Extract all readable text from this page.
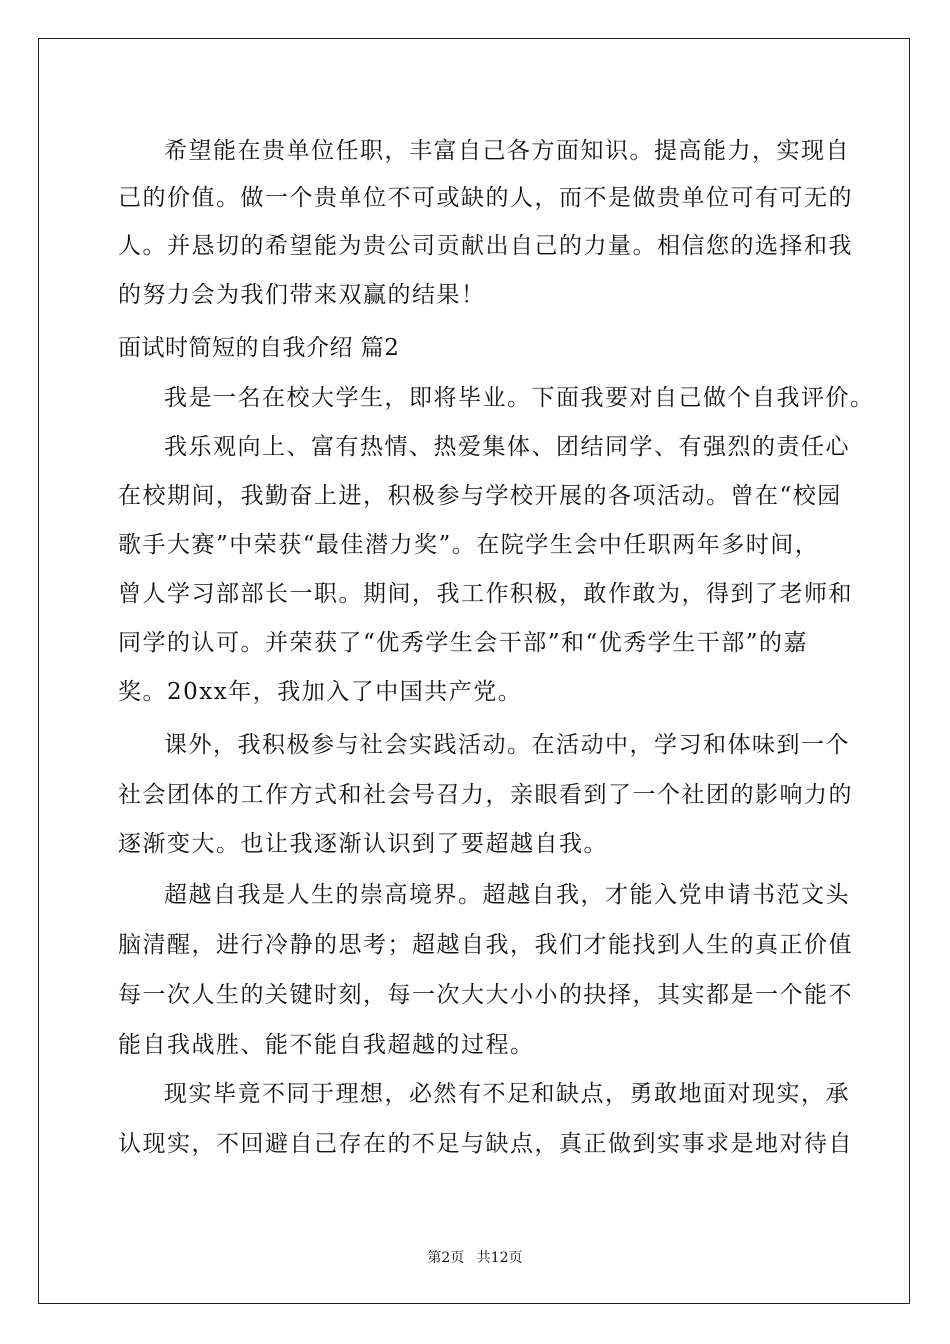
希望能在贵单位任职，丰富自己各方面知识。提高能力，实现自
己的价值。做一个贵单位不可或缺的人，而不是做贵单位可有可无的
人。并恳切的希望能为贵公司贡献出自己的力量。相信您的选择和我
的努力会为我们带来双赢的结果！
面试时简短的自我介绍 篇2
我是一名在校大学生，即将毕业。下面我要对自己做个自我评价。
我乐观向上、富有热情、热爱集体、团结同学、有强烈的责任心
在校期间，我勤奋上进，积极参与学校开展的各项活动。曾在“校园
歌手大赛”中荣获“最佳潜力奖”。在院学生会中任职两年多时间，
曾人学习部部长一职。期间，我工作积极，敢作敢为，得到了老师和
同学的认可。并荣获了“优秀学生会干部”和“优秀学生干部”的嘉
奖。20xx年，我加入了中国共产党。
课外，我积极参与社会实践活动。在活动中，学习和体味到一个
社会团体的工作方式和社会号召力，亲眼看到了一个社团的影响力的
逐渐变大。也让我逐渐认识到了要超越自我。
超越自我是人生的崇高境界。超越自我，才能入党申请书范文头
脑清醒，进行冷静的思考；超越自我，我们才能找到人生的真正价值
每一次人生的关键时刻，每一次大大小小的抉择，其实都是一个能不
能自我战胜、能不能自我超越的过程。
现实毕竟不同于理想，必然有不足和缺点，勇敢地面对现实，承
认现实，不回避自己存在的不足与缺点，真正做到实事求是地对待自
第2页 共12页
